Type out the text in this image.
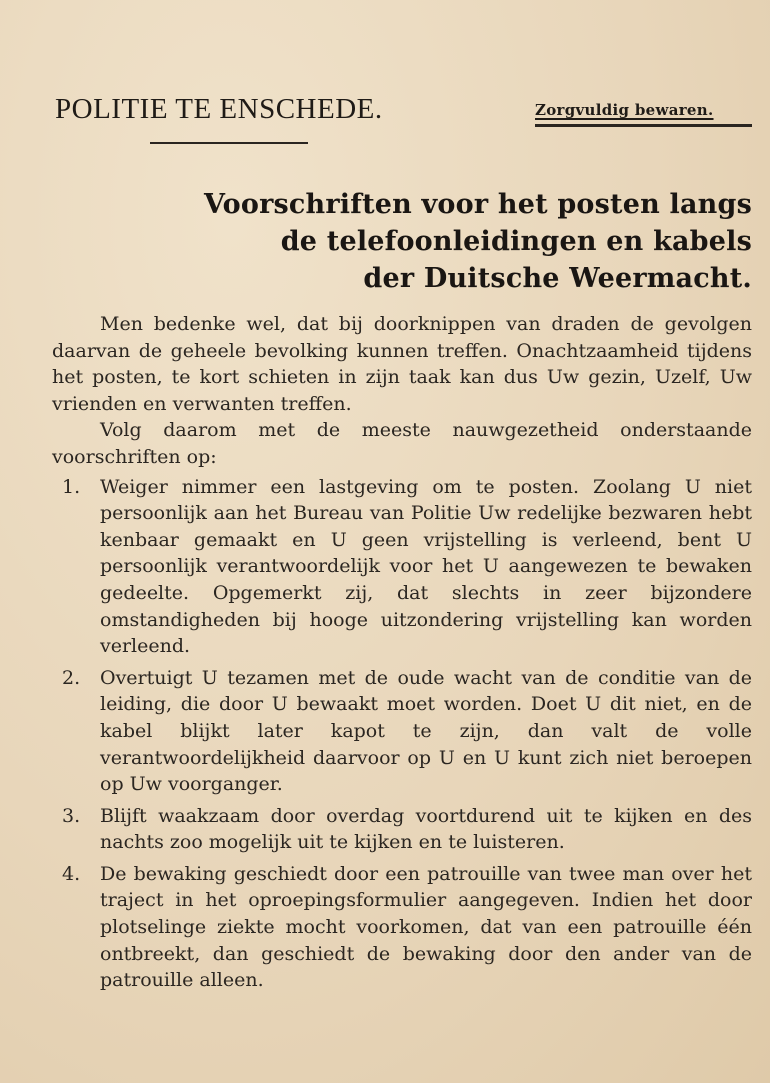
POLITIE TE ENSCHEDE.	Zorgvuldig bewaren.
Voorschriften voor het posten langs
de telefoonleidingen en kabels
der Duitsche Weermacht.
Men bedenke wel, dat bij doorknippen van draden de gevolgen daarvan de geheele bevolking kunnen treffen. Onachtzaamheid tijdens het posten, te kort schieten in zijn taak kan dus Uw gezin, Uzelf, Uw vrienden en verwanten treffen.
Volg daarom met de meeste nauwgezetheid onderstaande voorschriften op:
1.	Weiger nimmer een lastgeving om te posten. Zoolang U niet persoonlijk aan het Bureau van Politie Uw redelijke bezwaren hebt kenbaar gemaakt en U geen vrijstelling is verleend, bent U persoonlijk verantwoordelijk voor het U aangewezen te bewaken gedeelte. Opgemerkt zij, dat slechts in zeer bijzondere omstandigheden bij hooge uitzondering vrijstelling kan worden verleend.
2.	Overtuigt U tezamen met de oude wacht van de conditie van de leiding, die door U bewaakt moet worden. Doet U dit niet, en de kabel blijkt later kapot te zijn, dan valt de volle verantwoordelijkheid daarvoor op U en U kunt zich niet beroepen op Uw voorganger.
3.	Blijft waakzaam door overdag voortdurend uit te kijken en des nachts zoo mogelijk uit te kijken en te luisteren.
4.	De bewaking geschiedt door een patrouille van twee man over het traject in het oproepingsformulier aangegeven. Indien het door plotselinge ziekte mocht voorkomen, dat van een patrouille één ontbreekt, dan geschiedt de bewaking door den ander van de patrouille alleen.
